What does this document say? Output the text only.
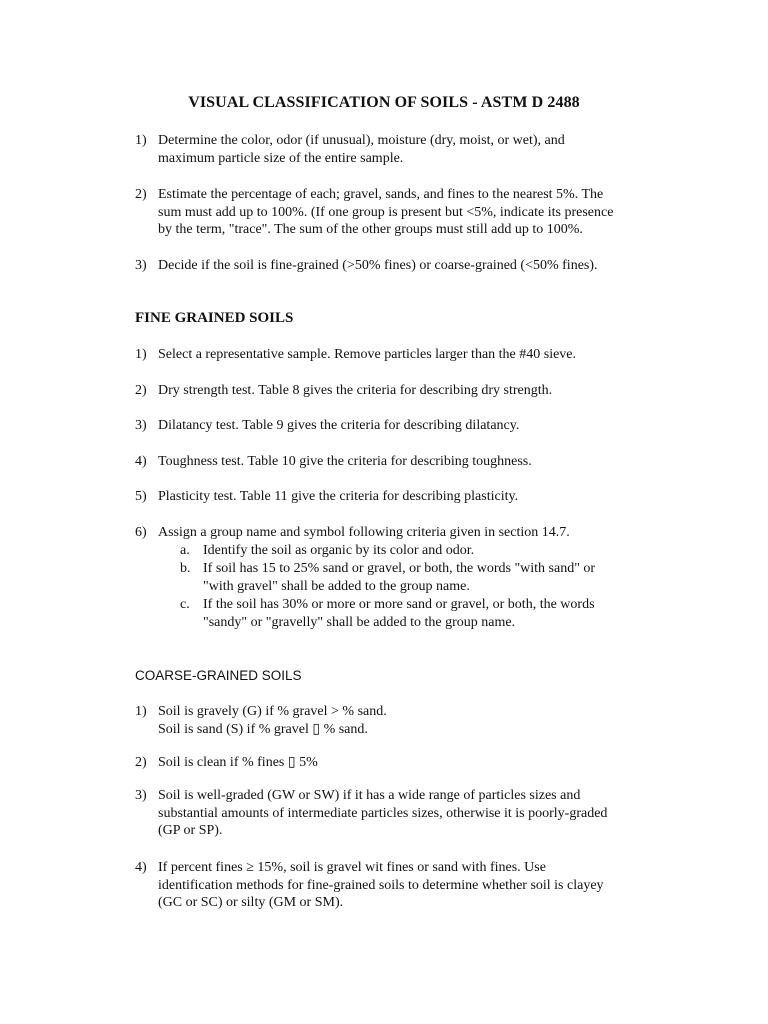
VISUAL CLASSIFICATION OF SOILS - ASTM D 2488
1) Determine the color, odor (if unusual), moisture (dry, moist, or wet), and
maximum particle size of the entire sample.
2) Estimate the percentage of each; gravel, sands, and fines to the nearest 5%. The
sum must add up to 100%. (If one group is present but <5%, indicate its presence
by the term, "trace". The sum of the other groups must still add up to 100%.
3) Decide if the soil is fine-grained (>50% fines) or coarse-grained (<50% fines).
FINE GRAINED SOILS
1) Select a representative sample. Remove particles larger than the #40 sieve.
2) Dry strength test. Table 8 gives the criteria for describing dry strength.
3) Dilatancy test. Table 9 gives the criteria for describing dilatancy.
4) Toughness test. Table 10 give the criteria for describing toughness.
5) Plasticity test. Table 11 give the criteria for describing plasticity.
6) Assign a group name and symbol following criteria given in section 14.7.
a. Identify the soil as organic by its color and odor.
b. If soil has 15 to 25% sand or gravel, or both, the words "with sand" or
"with gravel" shall be added to the group name.
c. If the soil has 30% or more or more sand or gravel, or both, the words
"sandy" or "gravelly" shall be added to the group name.
COARSE-GRAINED SOILS
1) Soil is gravely (G) if % gravel > % sand.
Soil is sand (S) if % gravel ▯ % sand.
2) Soil is clean if % fines ▯ 5%
3) Soil is well-graded (GW or SW) if it has a wide range of particles sizes and
substantial amounts of intermediate particles sizes, otherwise it is poorly-graded
(GP or SP).
4) If percent fines ≥ 15%, soil is gravel wit fines or sand with fines. Use
identification methods for fine-grained soils to determine whether soil is clayey
(GC or SC) or silty (GM or SM).
